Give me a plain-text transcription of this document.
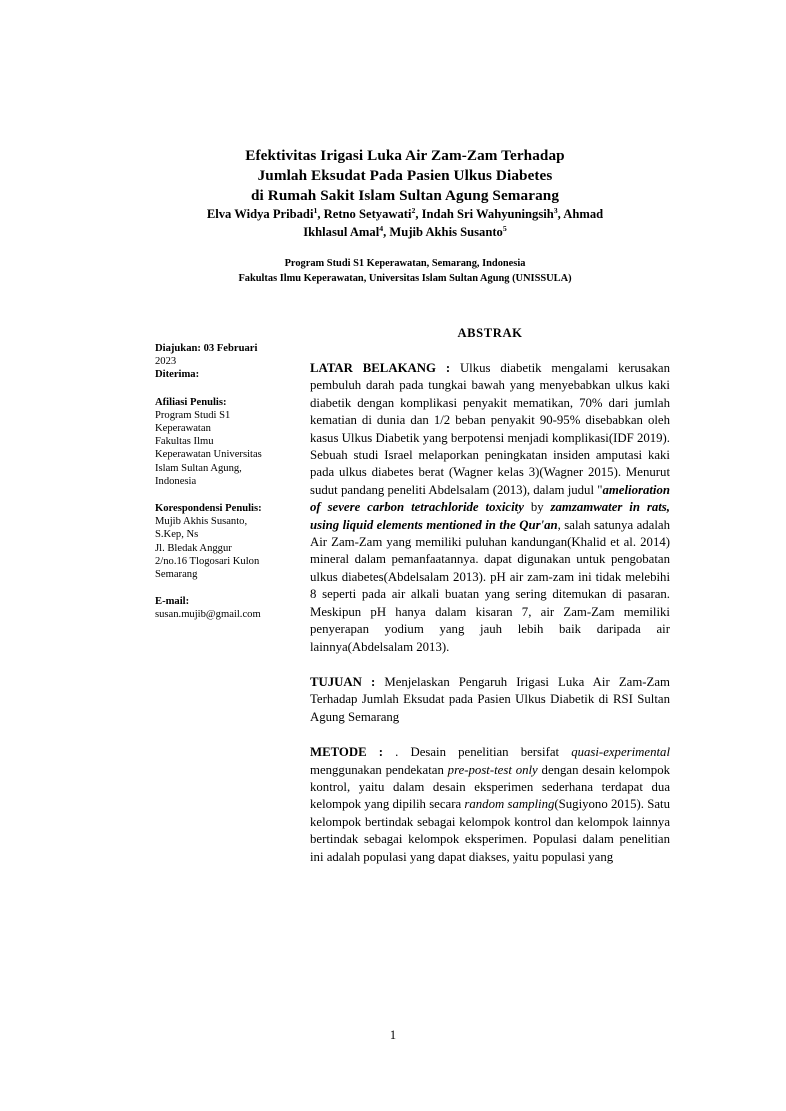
Efektivitas Irigasi Luka Air Zam-Zam Terhadap
Jumlah Eksudat Pada Pasien Ulkus Diabetes
di Rumah Sakit Islam Sultan Agung Semarang
Elva Widya Pribadi$^1$, Retno Setyawati$^2$, Indah Sri Wahyuningsih$^3$, Ahmad
Ikhlasul Amal$^4$, Mujib Akhis Susanto$^5$
Program Studi S1 Keperawatan, Semarang, Indonesia
Fakultas Ilmu Keperawatan, Universitas Islam Sultan Agung (UNISSULA)
Diajukan: 03 Februari
2023
Diterima:
Afiliasi Penulis:
Program Studi S1
Keperawatan
Fakultas Ilmu
Keperawatan Universitas
Islam Sultan Agung,
Indonesia
Korespondensi Penulis:
Mujib Akhis Susanto,
S.Kep, Ns
Jl. Bledak Anggur
2/no.16 Tlogosari Kulon
Semarang
E-mail:
susan.mujib@gmail.com
ABSTRAK

LATAR BELAKANG : Ulkus diabetik mengalami kerusakan pembuluh darah pada tungkai bawah yang menyebabkan ulkus kaki diabetik dengan komplikasi penyakit mematikan, 70% dari jumlah kematian di dunia dan 1/2 beban penyakit 90-95% disebabkan oleh kasus Ulkus Diabetik yang berpotensi menjadi komplikasi(IDF 2019). Sebuah studi Israel melaporkan peningkatan insiden amputasi kaki pada ulkus diabetes berat (Wagner kelas 3)(Wagner 2015). Menurut sudut pandang peneliti Abdelsalam (2013), dalam judul "amelioration of severe carbon tetrachloride toxicity by zamzamwater in rats, using liquid elements mentioned in the Qur'an, salah satunya adalah Air Zam-Zam yang memiliki puluhan kandungan(Khalid et al. 2014) mineral dalam pemanfaatannya. dapat digunakan untuk pengobatan ulkus diabetes(Abdelsalam 2013). pH air zam-zam ini tidak melebihi 8 seperti pada air alkali buatan yang sering ditemukan di pasaran. Meskipun pH hanya dalam kisaran 7, air Zam-Zam memiliki penyerapan yodium yang jauh lebih baik daripada air lainnya(Abdelsalam 2013).

TUJUAN : Menjelaskan Pengaruh Irigasi Luka Air Zam-Zam Terhadap Jumlah Eksudat pada Pasien Ulkus Diabetik di RSI Sultan Agung Semarang

METODE : . Desain penelitian bersifat quasi-experimental menggunakan pendekatan pre-post-test only dengan desain kelompok kontrol, yaitu dalam desain eksperimen sederhana terdapat dua kelompok yang dipilih secara random sampling(Sugiyono 2015). Satu kelompok bertindak sebagai kelompok kontrol dan kelompok lainnya bertindak sebagai kelompok eksperimen. Populasi dalam penelitian ini adalah populasi yang dapat diakses, yaitu populasi yang

1
